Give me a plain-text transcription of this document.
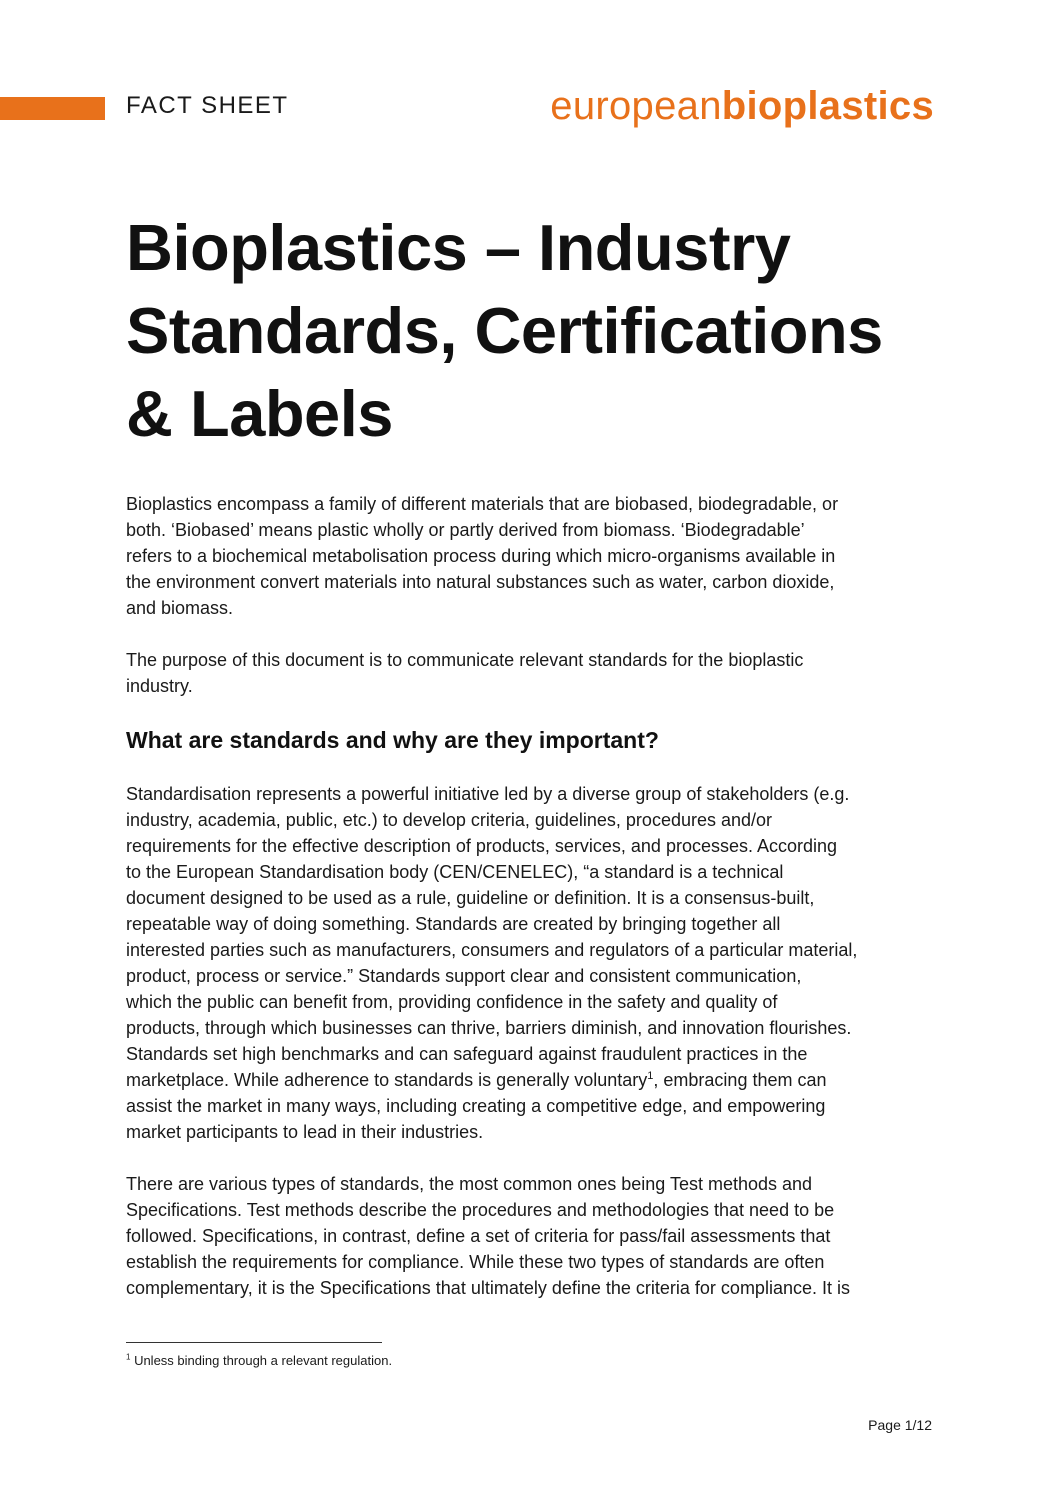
FACT SHEET	europeanbioplastics
Bioplastics – Industry
Standards, Certifications
& Labels

Bioplastics encompass a family of different materials that are biobased, biodegradable, or
both. ‘Biobased’ means plastic wholly or partly derived from biomass. ‘Biodegradable’
refers to a biochemical metabolisation process during which micro-organisms available in
the environment convert materials into natural substances such as water, carbon dioxide,
and biomass.

The purpose of this document is to communicate relevant standards for the bioplastic
industry.

What are standards and why are they important?

Standardisation represents a powerful initiative led by a diverse group of stakeholders (e.g.
industry, academia, public, etc.) to develop criteria, guidelines, procedures and/or
requirements for the effective description of products, services, and processes. According
to the European Standardisation body (CEN/CENELEC), “a standard is a technical
document designed to be used as a rule, guideline or definition. It is a consensus-built,
repeatable way of doing something. Standards are created by bringing together all
interested parties such as manufacturers, consumers and regulators of a particular material,
product, process or service.” Standards support clear and consistent communication,
which the public can benefit from, providing confidence in the safety and quality of
products, through which businesses can thrive, barriers diminish, and innovation flourishes.
Standards set high benchmarks and can safeguard against fraudulent practices in the
marketplace. While adherence to standards is generally voluntary$^1$, embracing them can
assist the market in many ways, including creating a competitive edge, and empowering
market participants to lead in their industries.

There are various types of standards, the most common ones being Test methods and
Specifications. Test methods describe the procedures and methodologies that need to be
followed. Specifications, in contrast, define a set of criteria for pass/fail assessments that
establish the requirements for compliance. While these two types of standards are often
complementary, it is the Specifications that ultimately define the criteria for compliance. It is

$^1$ Unless binding through a relevant regulation.
Page 1/12
